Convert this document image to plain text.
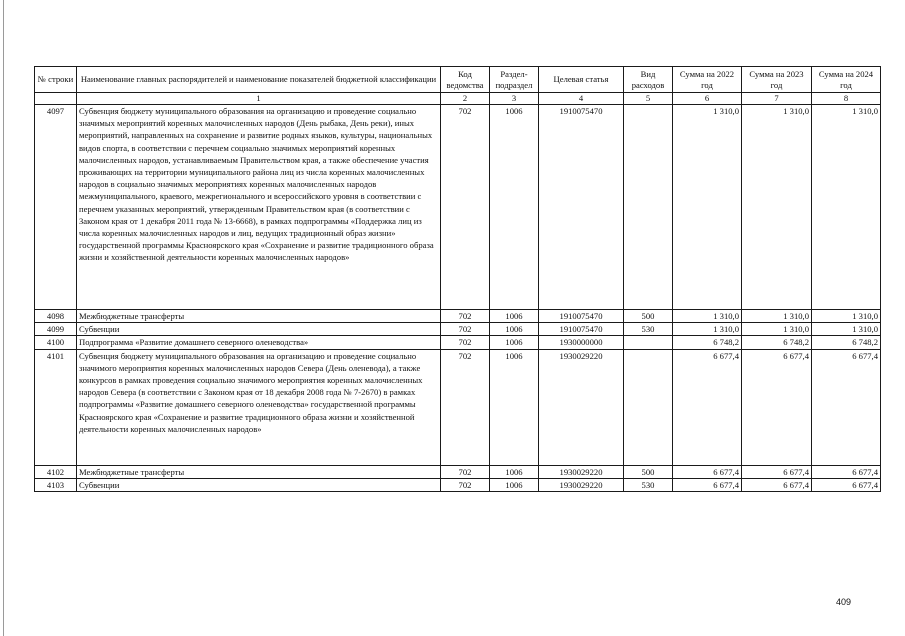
№ строки	Наименование главных распорядителей и наименование показателей бюджетной классификации	Код ведомства	Раздел-подраздел	Целевая статья	Вид расходов	Сумма на 2022 год	Сумма на 2023 год	Сумма на 2024 год
	1	2	3	4	5	6	7	8
4097	Субвенция бюджету муниципального образования на организацию и проведение социально значимых мероприятий коренных малочисленных народов (День рыбака, День реки), иных мероприятий, направленных на сохранение и развитие родных языков, культуры, национальных видов спорта, в соответствии с перечнем социально значимых мероприятий коренных малочисленных народов, устанавливаемым Правительством края, а также обеспечение участия проживающих на территории муниципального района лиц из числа коренных малочисленных народов в социально значимых мероприятиях коренных малочисленных народов межмуниципального, краевого, межрегионального и всероссийского уровня в соответствии с перечнем указанных мероприятий, утвержденным Правительством края (в соответствии с Законом края от 1 декабря 2011 года № 13-6668), в рамках подпрограммы «Поддержка лиц из числа коренных малочисленных народов и лиц, ведущих традиционный образ жизни» государственной программы Красноярского края «Сохранение и развитие традиционного образа жизни и хозяйственной деятельности коренных малочисленных народов»	702	1006	1910075470		1 310,0	1 310,0	1 310,0
4098	Межбюджетные трансферты	702	1006	1910075470	500	1 310,0	1 310,0	1 310,0
4099	Субвенции	702	1006	1910075470	530	1 310,0	1 310,0	1 310,0
4100	Подпрограмма «Развитие домашнего северного оленеводства»	702	1006	1930000000		6 748,2	6 748,2	6 748,2
4101	Субвенция бюджету муниципального образования на организацию и проведение социально значимого мероприятия коренных малочисленных народов Севера (День оленевода), а также конкурсов в рамках проведения социально значимого мероприятия коренных малочисленных народов Севера (в соответствии с Законом края от 18 декабря 2008 года № 7-2670) в рамках подпрограммы «Развитие домашнего северного оленеводства» государственной программы Красноярского края «Сохранение и развитие традиционного образа жизни и хозяйственной деятельности коренных малочисленных народов»	702	1006	1930029220		6 677,4	6 677,4	6 677,4
4102	Межбюджетные трансферты	702	1006	1930029220	500	6 677,4	6 677,4	6 677,4
4103	Субвенции	702	1006	1930029220	530	6 677,4	6 677,4	6 677,4
409
